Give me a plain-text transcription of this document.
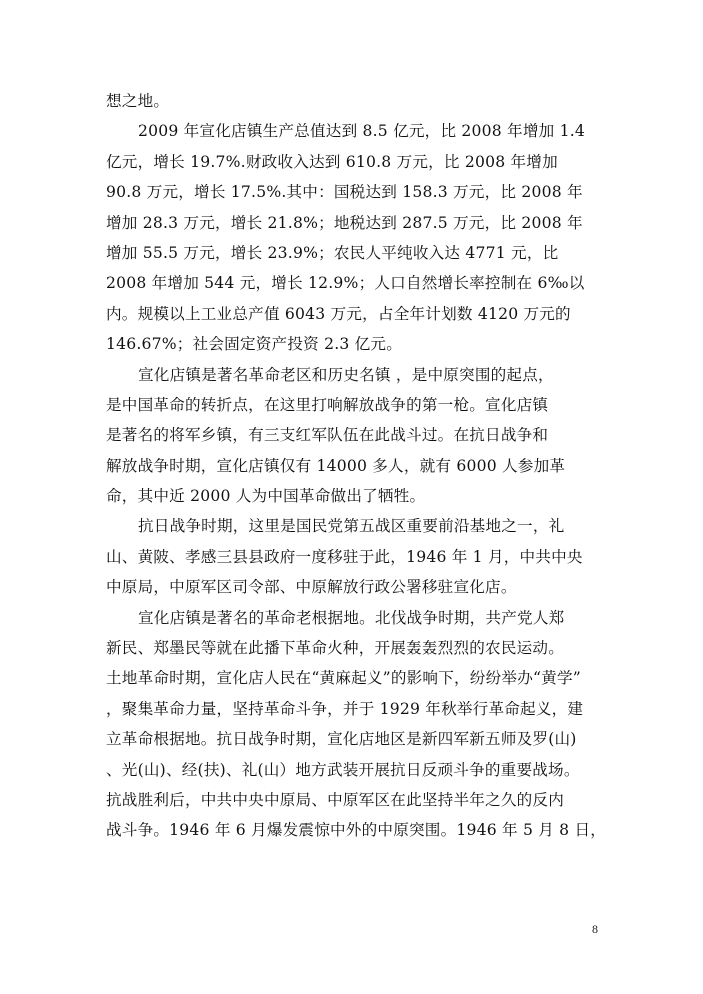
想之地。
2009 年宣化店镇生产总值达到 8.5 亿元，比 2008 年增加 1.4
亿元，增长 19.7%.财政收入达到 610.8 万元，比 2008 年增加
90.8 万元，增长 17.5%.其中：国税达到 158.3 万元，比 2008 年
增加 28.3 万元，增长 21.8%；地税达到 287.5 万元，比 2008 年
增加 55.5 万元，增长 23.9%；农民人平纯收入达 4771 元，比
2008 年增加 544 元，增长 12.9%；人口自然增长率控制在 6‰以
内。规模以上工业总产值 6043 万元，占全年计划数 4120 万元的
146.67%；社会固定资产投资 2.3 亿元。
宣化店镇是著名革命老区和历史名镇 ，是中原突围的起点，
是中国革命的转折点，在这里打响解放战争的第一枪。宣化店镇
是著名的将军乡镇，有三支红军队伍在此战斗过。在抗日战争和
解放战争时期，宣化店镇仅有 14000 多人，就有 6000 人参加革
命，其中近 2000 人为中国革命做出了牺牲。
抗日战争时期，这里是国民党第五战区重要前沿基地之一，礼
山、黄陂、孝感三县县政府一度移驻于此，1946 年 1 月，中共中央
中原局，中原军区司令部、中原解放行政公署移驻宣化店。
宣化店镇是著名的革命老根据地。北伐战争时期，共产党人郑
新民、郑墨民等就在此播下革命火种，开展轰轰烈烈的农民运动。
土地革命时期，宣化店人民在“黄麻起义”的影响下，纷纷举办“黄学”
，聚集革命力量，坚持革命斗争，并于 1929 年秋举行革命起义，建
立革命根据地。抗日战争时期，宣化店地区是新四军新五师及罗(山)
、光(山)、经(扶)、礼(山）地方武装开展抗日反顽斗争的重要战场。
抗战胜利后，中共中央中原局、中原军区在此坚持半年之久的反内
战斗争。1946 年 6 月爆发震惊中外的中原突围。1946 年 5 月 8 日，
8
